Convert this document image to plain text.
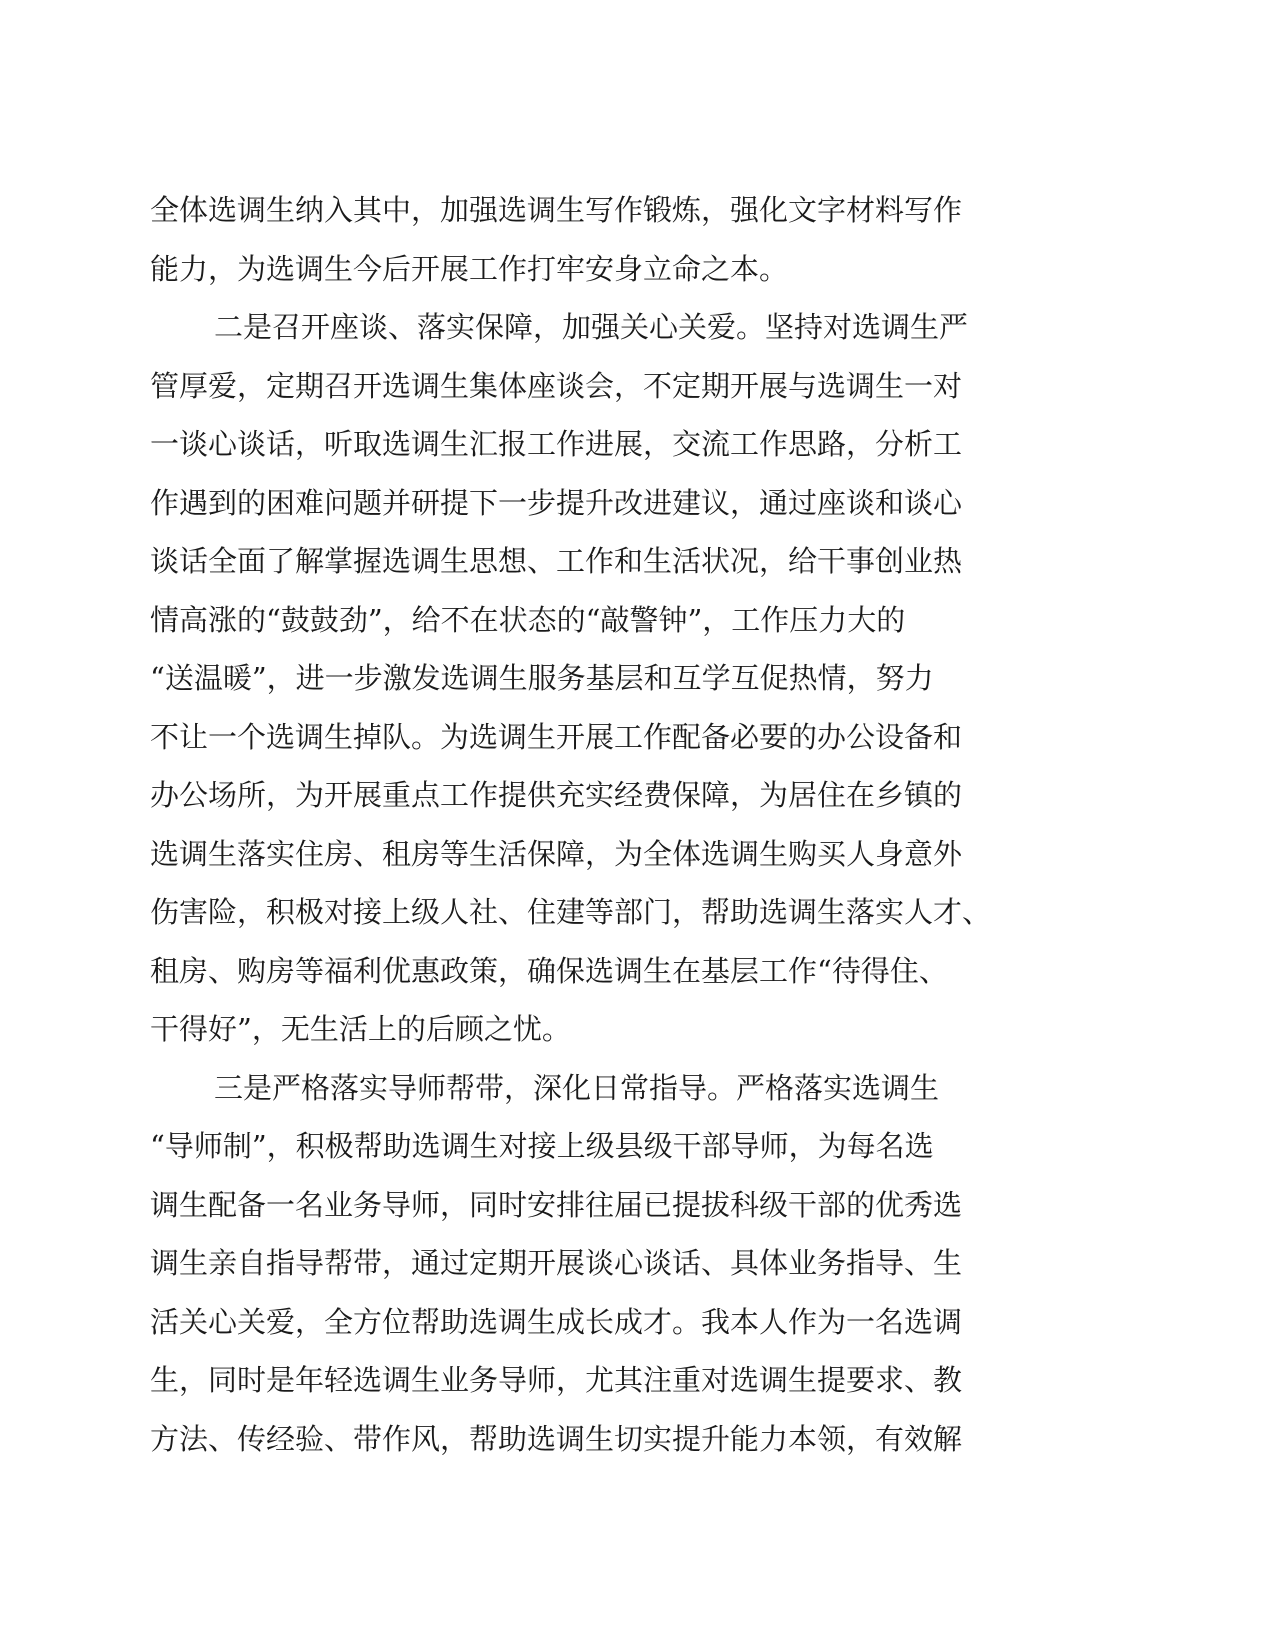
全体选调生纳入其中，加强选调生写作锻炼，强化文字材料写作
能力，为选调生今后开展工作打牢安身立命之本。
二是召开座谈、落实保障，加强关心关爱。坚持对选调生严
管厚爱，定期召开选调生集体座谈会，不定期开展与选调生一对
一谈心谈话，听取选调生汇报工作进展，交流工作思路，分析工
作遇到的困难问题并研提下一步提升改进建议，通过座谈和谈心
谈话全面了解掌握选调生思想、工作和生活状况，给干事创业热
情高涨的“鼓鼓劲”，给不在状态的“敲警钟”，工作压力大的
“送温暖”，进一步激发选调生服务基层和互学互促热情，努力
不让一个选调生掉队。为选调生开展工作配备必要的办公设备和
办公场所，为开展重点工作提供充实经费保障，为居住在乡镇的
选调生落实住房、租房等生活保障，为全体选调生购买人身意外
伤害险，积极对接上级人社、住建等部门，帮助选调生落实人才、
租房、购房等福利优惠政策，确保选调生在基层工作“待得住、
干得好”，无生活上的后顾之忧。
三是严格落实导师帮带，深化日常指导。严格落实选调生
“导师制”，积极帮助选调生对接上级县级干部导师，为每名选
调生配备一名业务导师，同时安排往届已提拔科级干部的优秀选
调生亲自指导帮带，通过定期开展谈心谈话、具体业务指导、生
活关心关爱，全方位帮助选调生成长成才。我本人作为一名选调
生，同时是年轻选调生业务导师，尤其注重对选调生提要求、教
方法、传经验、带作风，帮助选调生切实提升能力本领，有效解
